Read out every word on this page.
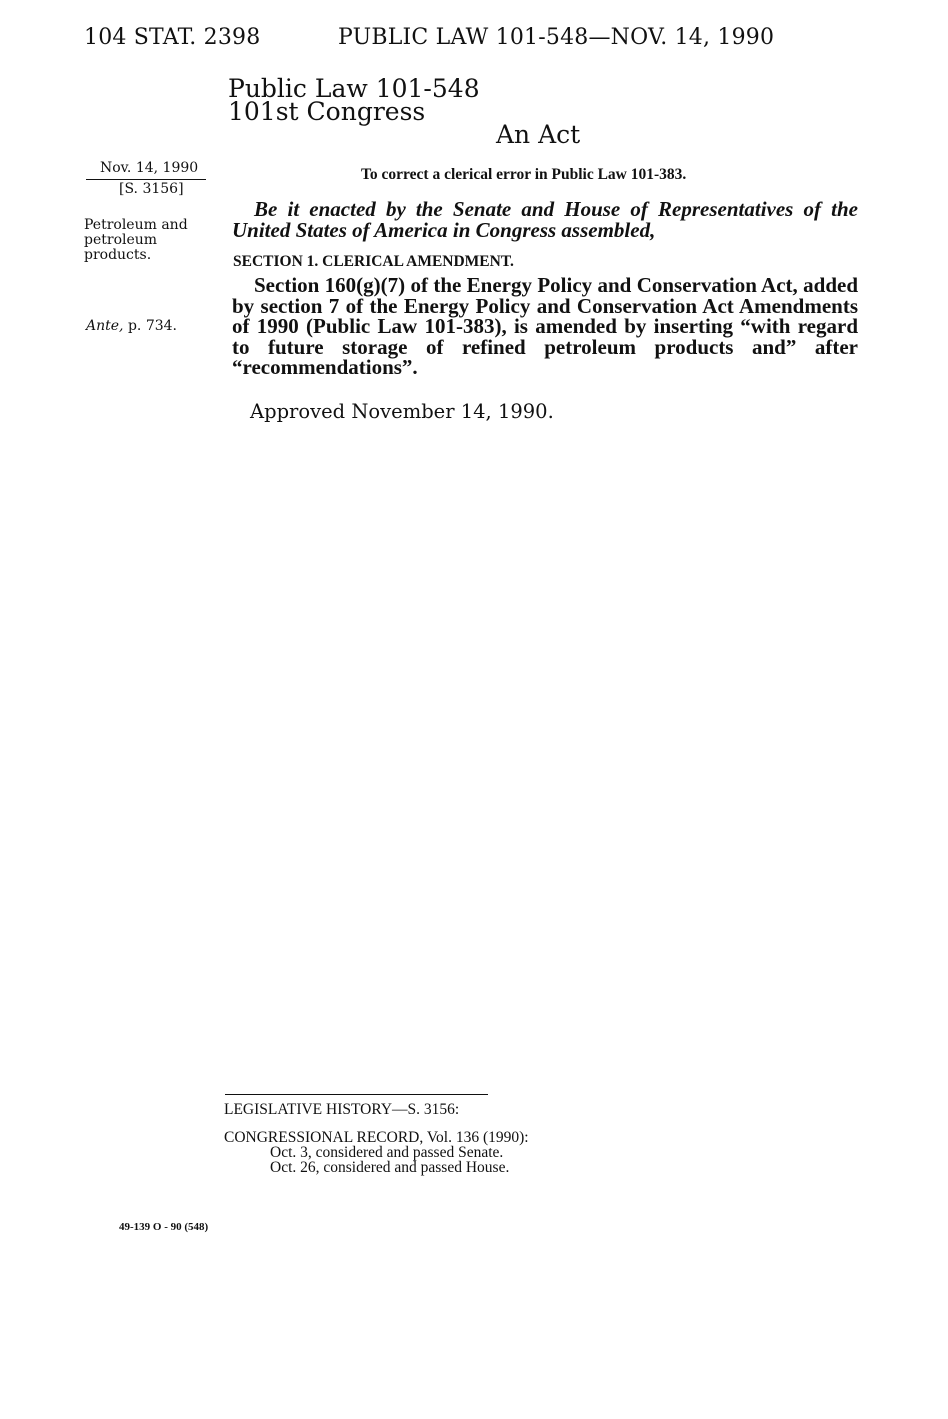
104 STAT. 2398	PUBLIC LAW 101-548—NOV. 14, 1990
Public Law 101-548
101st Congress
An Act
Nov. 14, 1990
[S. 3156]
Petroleum and
petroleum
products.
Ante, p. 734.
To correct a clerical error in Public Law 101-383.
Be it enacted by the Senate and House of Representatives of the United States of America in Congress assembled,
SECTION 1. CLERICAL AMENDMENT.
Section 160(g)(7) of the Energy Policy and Conservation Act, added by section 7 of the Energy Policy and Conservation Act Amendments of 1990 (Public Law 101-383), is amended by inserting “with regard to future storage of refined petroleum products and” after “recommendations”.
Approved November 14, 1990.
LEGISLATIVE HISTORY—S. 3156:
CONGRESSIONAL RECORD, Vol. 136 (1990):
Oct. 3, considered and passed Senate.
Oct. 26, considered and passed House.
49-139 O - 90 (548)
